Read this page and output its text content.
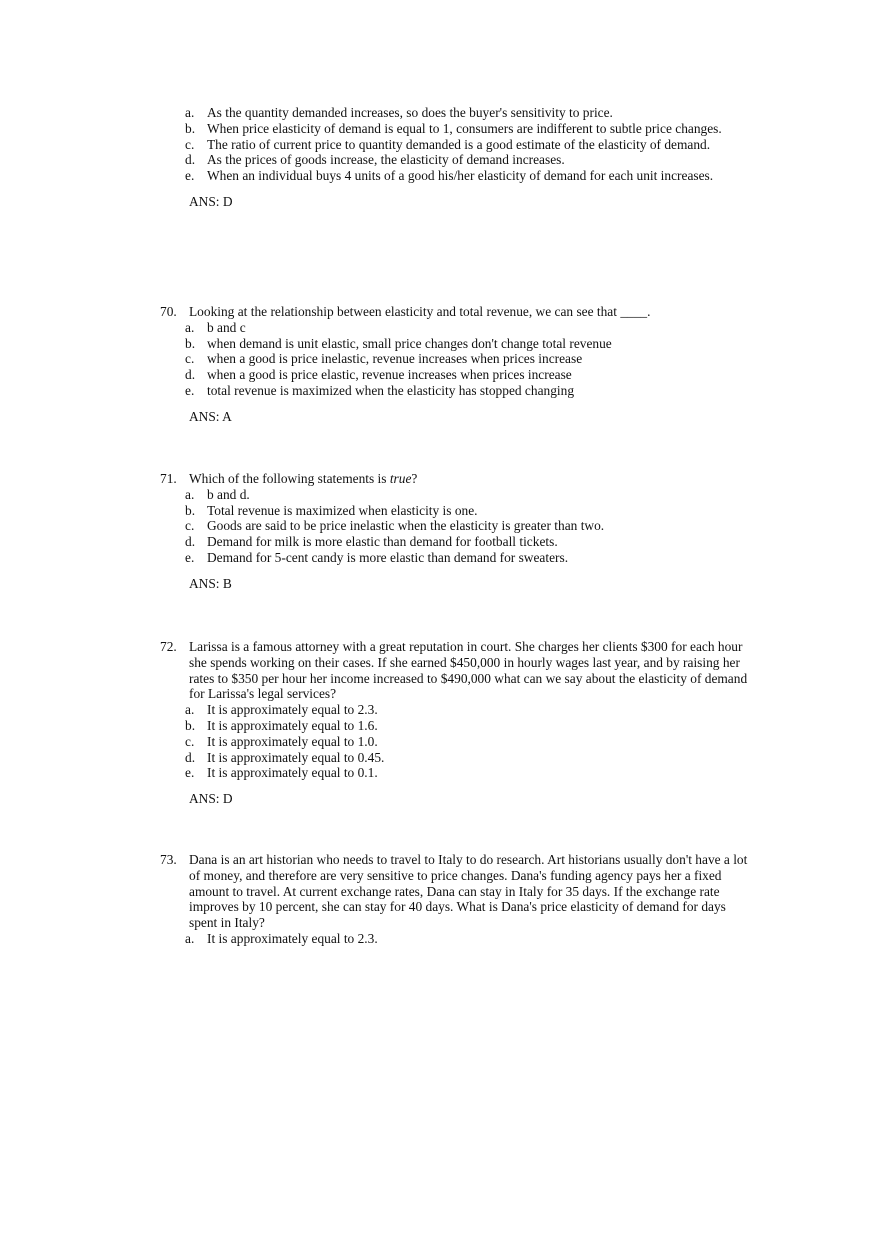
a. As the quantity demanded increases, so does the buyer's sensitivity to price.
b. When price elasticity of demand is equal to 1, consumers are indifferent to subtle price changes.
c. The ratio of current price to quantity demanded is a good estimate of the elasticity of demand.
d. As the prices of goods increase, the elasticity of demand increases.
e. When an individual buys 4 units of a good his/her elasticity of demand for each unit increases.
ANS: D
70. Looking at the relationship between elasticity and total revenue, we can see that ____.
a. b and c
b. when demand is unit elastic, small price changes don't change total revenue
c. when a good is price inelastic, revenue increases when prices increase
d. when a good is price elastic, revenue increases when prices increase
e. total revenue is maximized when the elasticity has stopped changing
ANS: A
71. Which of the following statements is true?
a. b and d.
b. Total revenue is maximized when elasticity is one.
c. Goods are said to be price inelastic when the elasticity is greater than two.
d. Demand for milk is more elastic than demand for football tickets.
e. Demand for 5-cent candy is more elastic than demand for sweaters.
ANS: B
72. Larissa is a famous attorney with a great reputation in court. She charges her clients $300 for each hour she spends working on their cases. If she earned $450,000 in hourly wages last year, and by raising her rates to $350 per hour her income increased to $490,000 what can we say about the elasticity of demand for Larissa's legal services?
a. It is approximately equal to 2.3.
b. It is approximately equal to 1.6.
c. It is approximately equal to 1.0.
d. It is approximately equal to 0.45.
e. It is approximately equal to 0.1.
ANS: D
73. Dana is an art historian who needs to travel to Italy to do research. Art historians usually don't have a lot of money, and therefore are very sensitive to price changes. Dana's funding agency pays her a fixed amount to travel. At current exchange rates, Dana can stay in Italy for 35 days. If the exchange rate improves by 10 percent, she can stay for 40 days. What is Dana's price elasticity of demand for days spent in Italy?
a. It is approximately equal to 2.3.
